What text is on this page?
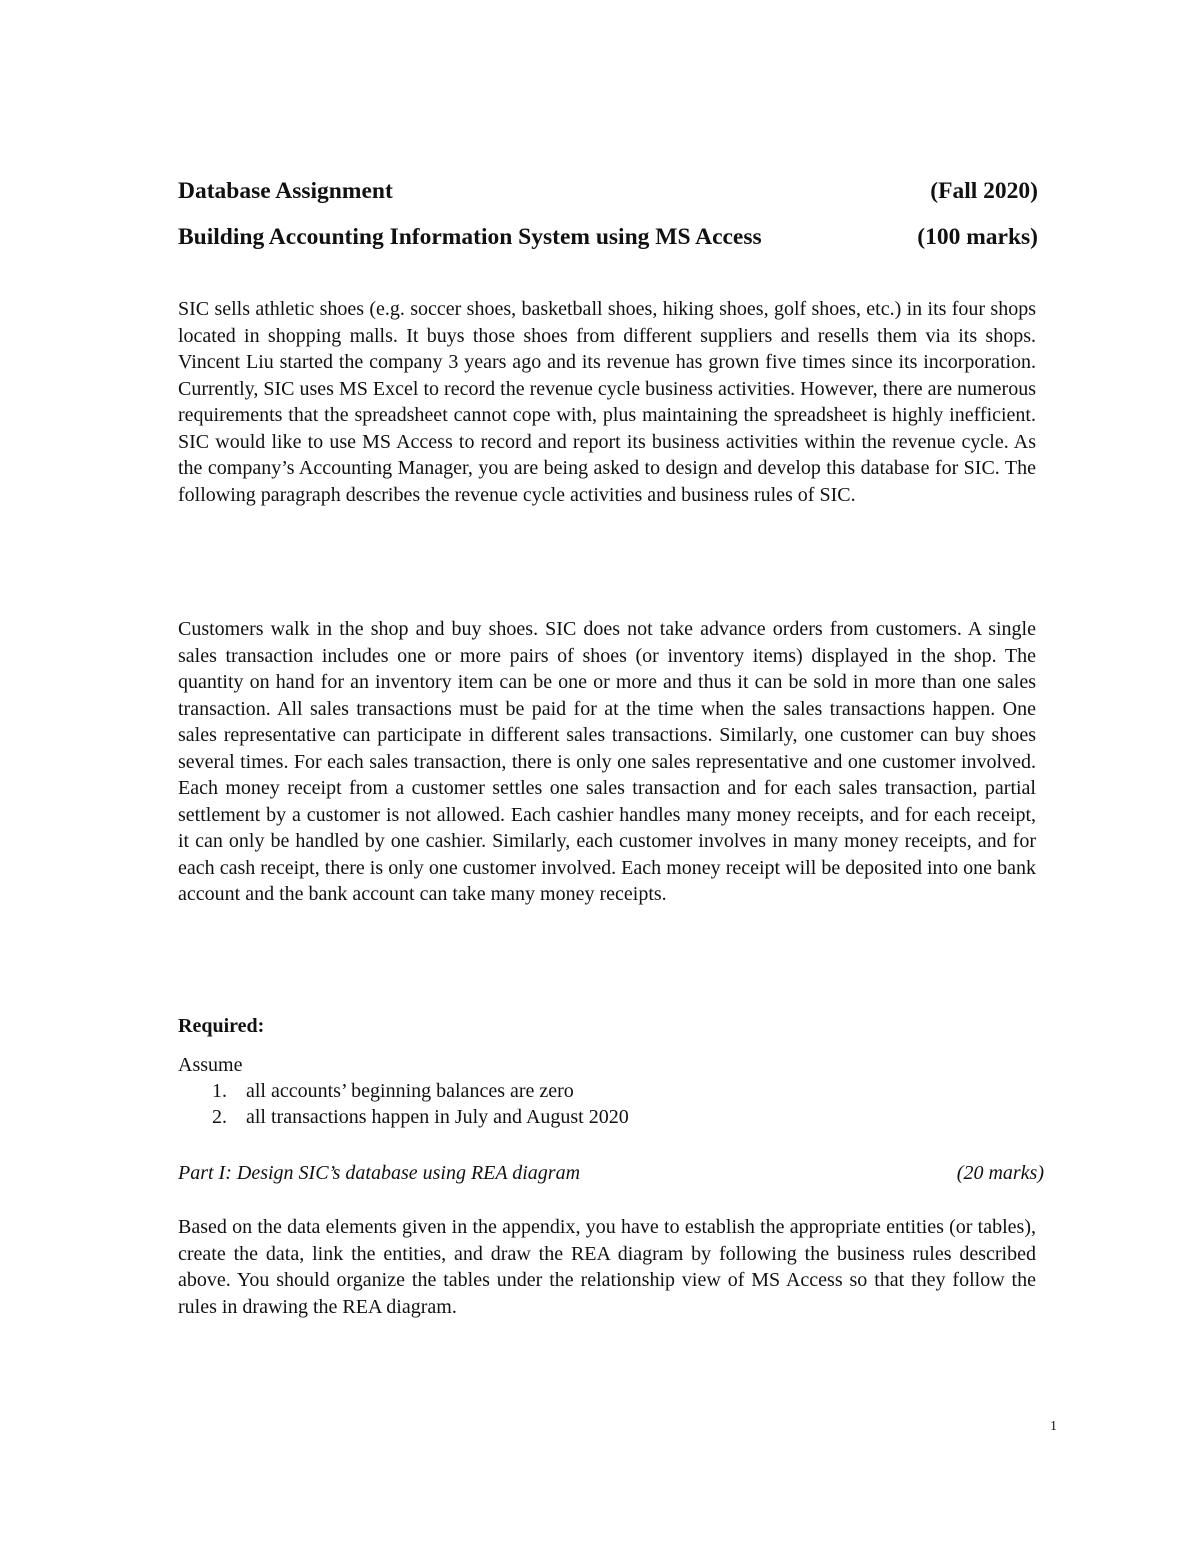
Database Assignment	(Fall 2020)
Building Accounting Information System using MS Access	(100 marks)

SIC sells athletic shoes (e.g. soccer shoes, basketball shoes, hiking shoes, golf shoes, etc.) in its four shops located in shopping malls. It buys those shoes from different suppliers and resells them via its shops. Vincent Liu started the company 3 years ago and its revenue has grown five times since its incorporation. Currently, SIC uses MS Excel to record the revenue cycle business activities. However, there are numerous requirements that the spreadsheet cannot cope with, plus maintaining the spreadsheet is highly inefficient. SIC would like to use MS Access to record and report its business activities within the revenue cycle. As the company’s Accounting Manager, you are being asked to design and develop this database for SIC. The following paragraph describes the revenue cycle activities and business rules of SIC.

Customers walk in the shop and buy shoes. SIC does not take advance orders from customers. A single sales transaction includes one or more pairs of shoes (or inventory items) displayed in the shop. The quantity on hand for an inventory item can be one or more and thus it can be sold in more than one sales transaction. All sales transactions must be paid for at the time when the sales transactions happen. One sales representative can participate in different sales transactions. Similarly, one customer can buy shoes several times. For each sales transaction, there is only one sales representative and one customer involved. Each money receipt from a customer settles one sales transaction and for each sales transaction, partial settlement by a customer is not allowed. Each cashier handles many money receipts, and for each receipt, it can only be handled by one cashier. Similarly, each customer involves in many money receipts, and for each cash receipt, there is only one customer involved. Each money receipt will be deposited into one bank account and the bank account can take many money receipts.

Required:
Assume
1. all accounts’ beginning balances are zero
2. all transactions happen in July and August 2020
Part I: Design SIC’s database using REA diagram	(20 marks)

Based on the data elements given in the appendix, you have to establish the appropriate entities (or tables), create the data, link the entities, and draw the REA diagram by following the business rules described above. You should organize the tables under the relationship view of MS Access so that they follow the rules in drawing the REA diagram.

1
